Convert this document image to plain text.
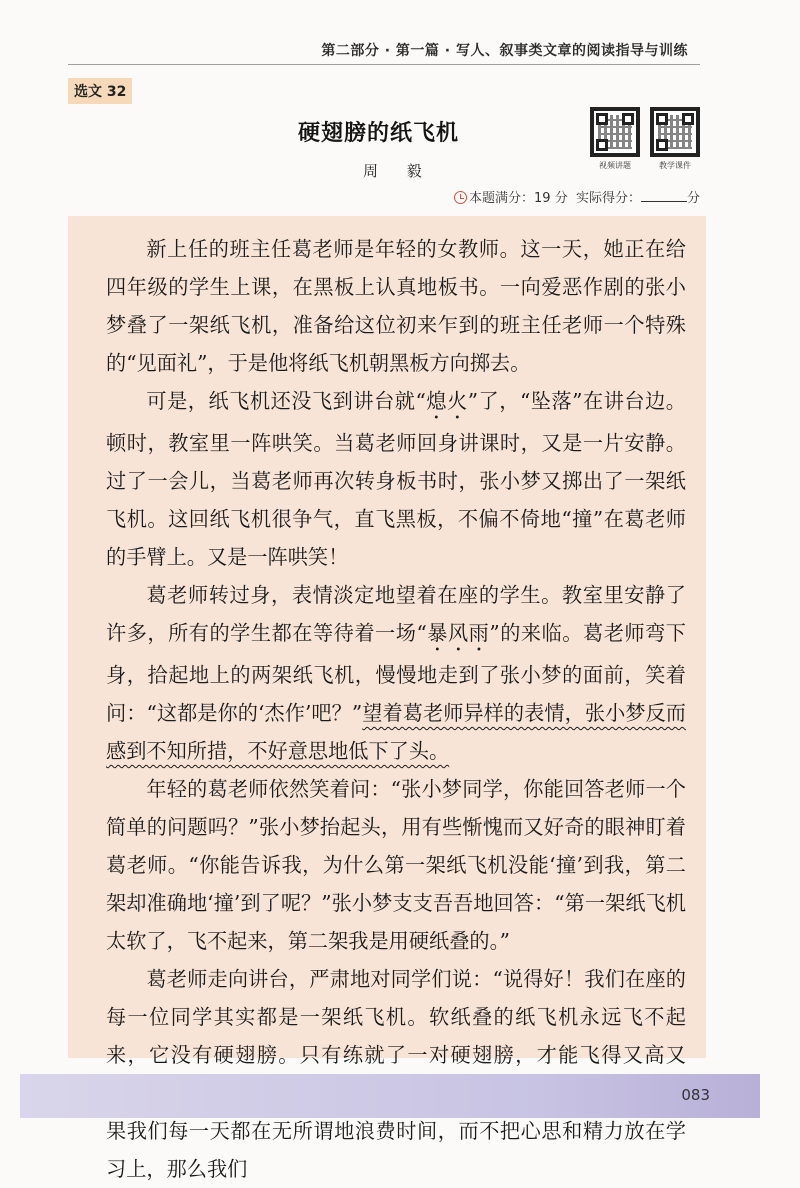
第二部分 · 第一篇 · 写人、叙事类文章的阅读指导与训练
选文 32
硬翅膀的纸飞机
周 毅	视频讲题	教学课件
本题满分：19 分 实际得分：	分

新上任的班主任葛老师是年轻的女教师。这一天，她正在给四年级的学生上课，在黑板上认真地板书。一向爱恶作剧的张小梦叠了一架纸飞机，准备给这位初来乍到的班主任老师一个特殊的“见面礼”，于是他将纸飞机朝黑板方向掷去。

可是，纸飞机还没飞到讲台就“熄火”了，“坠落”在讲台边。顿时，教室里一阵哄笑。当葛老师回身讲课时，又是一片安静。过了一会儿，当葛老师再次转身板书时，张小梦又掷出了一架纸飞机。这回纸飞机很争气，直飞黑板，不偏不倚地“撞”在葛老师的手臂上。又是一阵哄笑！

葛老师转过身，表情淡定地望着在座的学生。教室里安静了许多，所有的学生都在等待着一场“暴风雨”的来临。葛老师弯下身，拾起地上的两架纸飞机，慢慢地走到了张小梦的面前，笑着问：“这都是你的‘杰作’吧？”望着葛老师异样的表情，张小梦反而感到不知所措，不好意思地低下了头。

年轻的葛老师依然笑着问：“张小梦同学，你能回答老师一个简单的问题吗？”张小梦抬起头，用有些惭愧而又好奇的眼神盯着葛老师。“你能告诉我，为什么第一架纸飞机没能‘撞’到我，第二架却准确地‘撞’到了呢？”张小梦支支吾吾地回答：“第一架纸飞机太软了，飞不起来，第二架我是用硬纸叠的。”

葛老师走向讲台，严肃地对同学们说：“说得好！我们在座的每一位同学其实都是一架纸飞机。软纸叠的纸飞机永远飞不起来，它没有硬翅膀。只有练就了一对硬翅膀，才能飞得又高又 果我们每一天都在无所谓地浪费时间，而不把心思和精力放在学习上，那么我们

083
